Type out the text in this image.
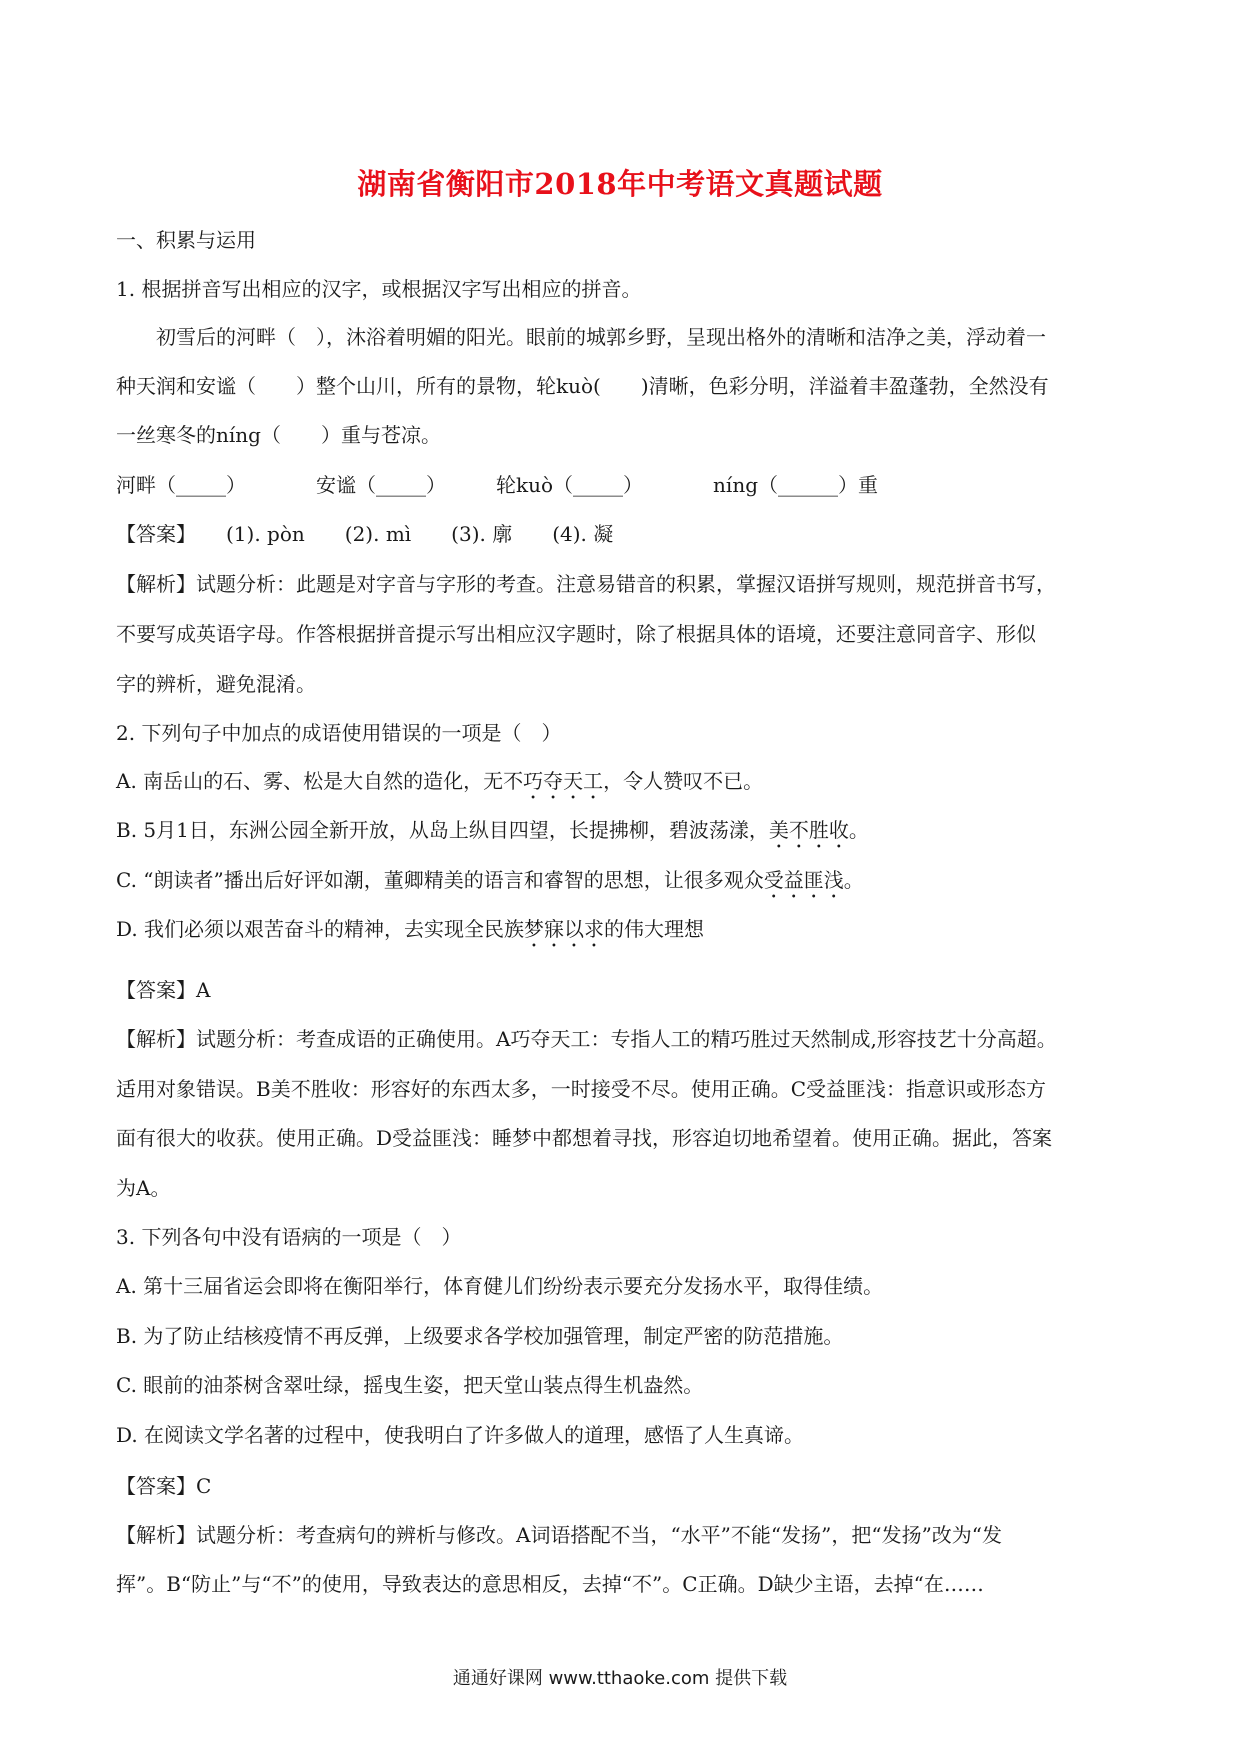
湖南省衡阳市2018年中考语文真题试题
一、积累与运用
1. 根据拼音写出相应的汉字，或根据汉字写出相应的拼音。
　　初雪后的河畔（　），沐浴着明媚的阳光。眼前的城郭乡野，呈现出格外的清晰和洁净之美，浮动着一
种天润和安谧（　　）整个山川，所有的景物，轮kuò(　　)清晰，色彩分明，洋溢着丰盈蓬勃，全然没有
一丝寒冬的níng（　　）重与苍凉。
河畔（_____）　　　　安谧（_____）　　　轮kuò（_____）　　　　níng（______）重
【答案】　　(1). pòn　　(2). mì　　(3). 廓　　(4). 凝
【解析】试题分析：此题是对字音与字形的考查。注意易错音的积累，掌握汉语拼写规则，规范拼音书写，
不要写成英语字母。作答根据拼音提示写出相应汉字题时，除了根据具体的语境，还要注意同音字、形似
字的辨析，避免混淆。
2. 下列句子中加点的成语使用错误的一项是（　）
A. 南岳山的石、雾、松是大自然的造化，无不巧夺天工，令人赞叹不已。
B. 5月1日，东洲公园全新开放，从岛上纵目四望，长提拂柳，碧波荡漾，美不胜收。
C. “朗读者”播出后好评如潮，董卿精美的语言和睿智的思想，让很多观众受益匪浅。
D. 我们必须以艰苦奋斗的精神，去实现全民族梦寐以求的伟大理想
【答案】A
【解析】试题分析：考查成语的正确使用。A巧夺天工：专指人工的精巧胜过天然制成,形容技艺十分高超。
适用对象错误。B美不胜收：形容好的东西太多，一时接受不尽。使用正确。C受益匪浅：指意识或形态方
面有很大的收获。使用正确。D受益匪浅：睡梦中都想着寻找，形容迫切地希望着。使用正确。据此，答案
为A。
3. 下列各句中没有语病的一项是（　）
A. 第十三届省运会即将在衡阳举行，体育健儿们纷纷表示要充分发扬水平，取得佳绩。
B. 为了防止结核疫情不再反弹，上级要求各学校加强管理，制定严密的防范措施。
C. 眼前的油茶树含翠吐绿，摇曳生姿，把天堂山装点得生机盎然。
D. 在阅读文学名著的过程中，使我明白了许多做人的道理，感悟了人生真谛。
【答案】C
【解析】试题分析：考查病句的辨析与修改。A词语搭配不当，“水平”不能“发扬”，把“发扬”改为“发
挥”。B“防止”与“不”的使用，导致表达的意思相反，去掉“不”。C正确。D缺少主语，去掉“在……
通通好课网 www.tthaoke.com 提供下载
